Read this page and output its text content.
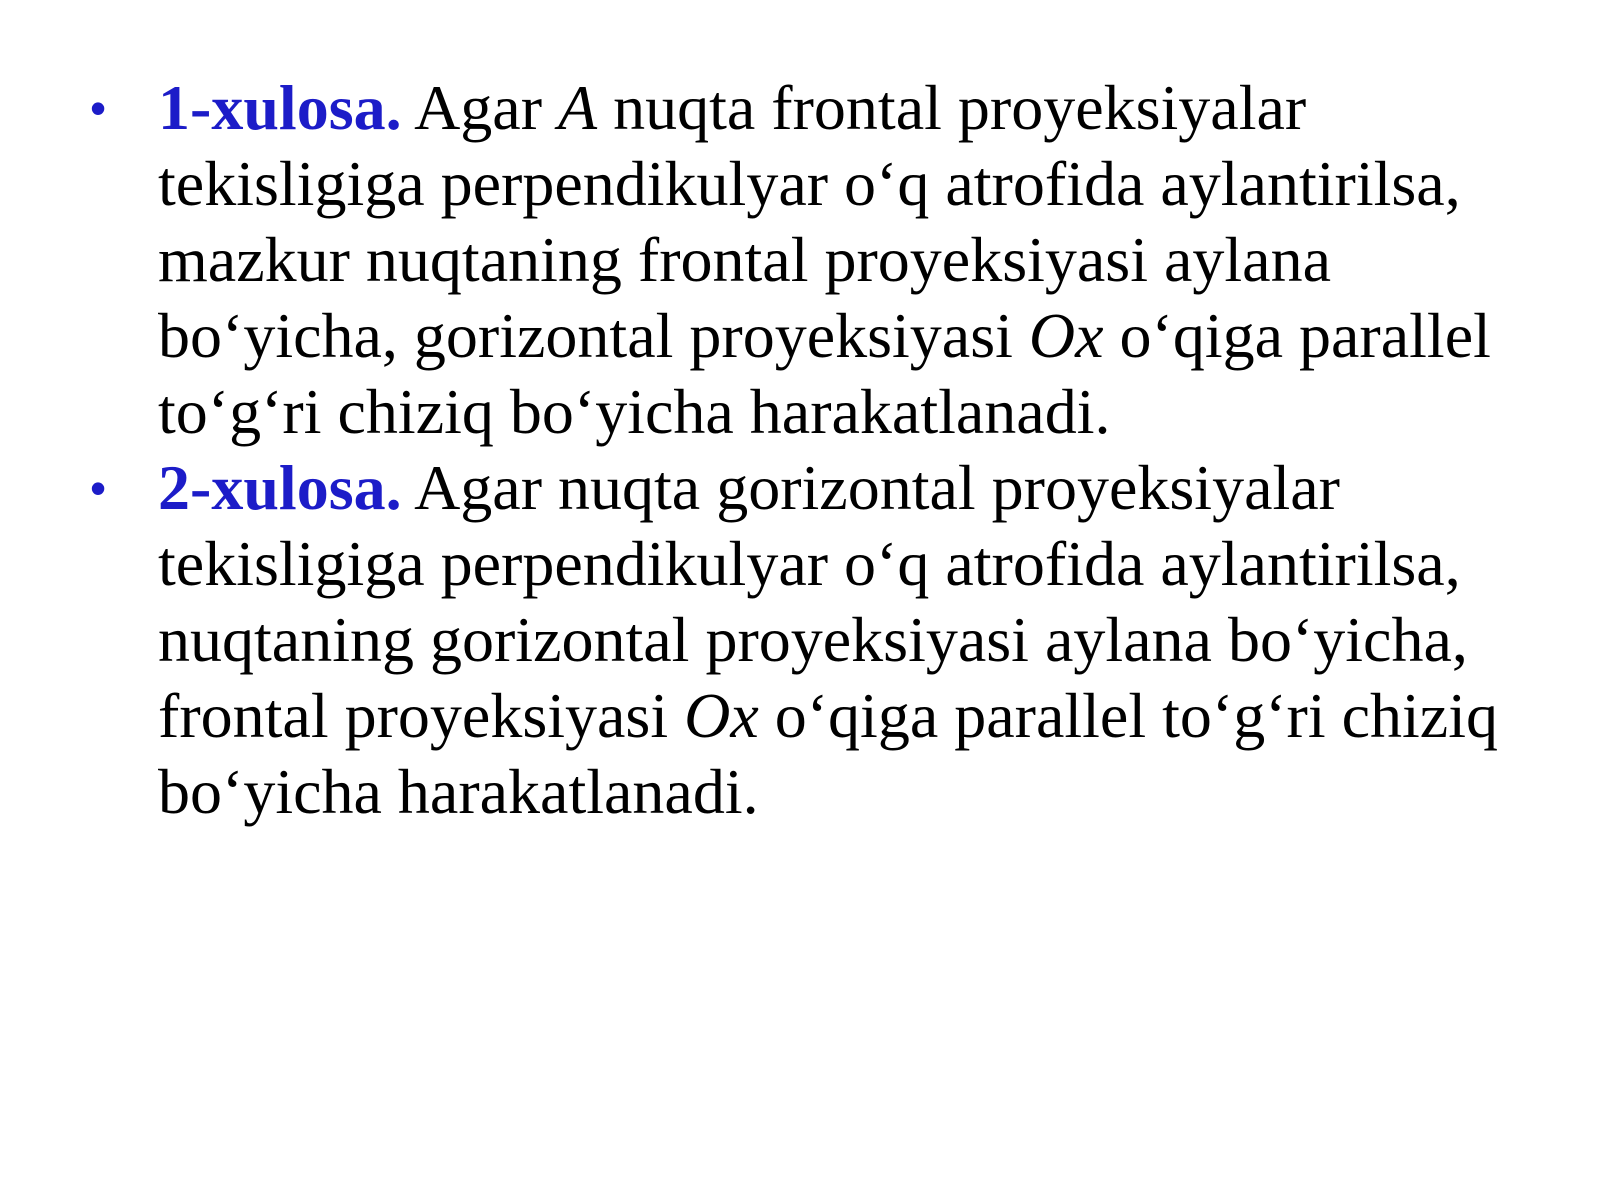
• 1-xulosa. Agar A nuqta frontal proyeksiyalar tekisligiga perpendikulyar o‘q atrofida aylantirilsa, mazkur nuqtaning frontal proyeksiyasi aylana bo‘yicha, gorizontal proyeksiyasi Ox o‘qiga parallel to‘g‘ri chiziq bo‘yicha harakatlanadi.
• 2-xulosa. Agar nuqta gorizontal proyeksiyalar tekisligiga perpendikulyar o‘q atrofida aylantirilsa, nuqtaning gorizontal proyeksiyasi aylana bo‘yicha, frontal proyeksiyasi Ox o‘qiga parallel to‘g‘ri chiziq bo‘yicha harakatlanadi.
